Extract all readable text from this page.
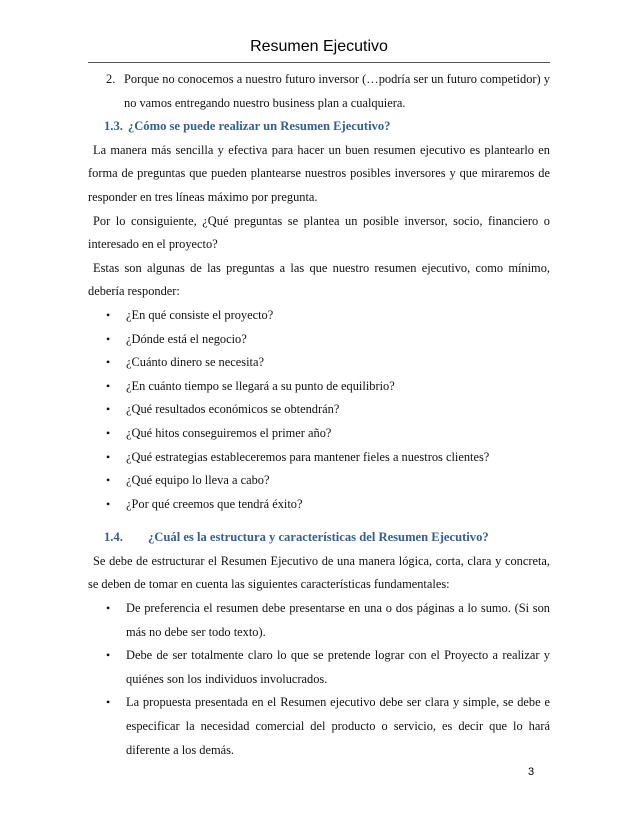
Resumen Ejecutivo
2. Porque no conocemos a nuestro futuro inversor (…podría ser un futuro competidor) y no vamos entregando nuestro business plan a cualquiera.
1.3. ¿Cómo se puede realizar un Resumen Ejecutivo?

La manera más sencilla y efectiva para hacer un buen resumen ejecutivo es plantearlo en forma de preguntas que pueden plantearse nuestros posibles inversores y que miraremos de responder en tres líneas máximo por pregunta.

Por lo consiguiente, ¿Qué preguntas se plantea un posible inversor, socio, financiero o interesado en el proyecto?

Estas son algunas de las preguntas a las que nuestro resumen ejecutivo, como mínimo, debería responder:

•	¿En qué consiste el proyecto?
•	¿Dónde está el negocio?
•	¿Cuánto dinero se necesita?
•	¿En cuánto tiempo se llegará a su punto de equilibrio?
•	¿Qué resultados económicos se obtendrán?
•	¿Qué hitos conseguiremos el primer año?
•	¿Qué estrategias estableceremos para mantener fieles a nuestros clientes?
•	¿Qué equipo lo lleva a cabo?
•	¿Por qué creemos que tendrá éxito?
1.4. ¿Cuál es la estructura y características del Resumen Ejecutivo?

Se debe de estructurar el Resumen Ejecutivo de una manera lógica, corta, clara y concreta, se deben de tomar en cuenta las siguientes características fundamentales:

•	De preferencia el resumen debe presentarse en una o dos páginas a lo sumo. (Si son más no debe ser todo texto).
•	Debe de ser totalmente claro lo que se pretende lograr con el Proyecto a realizar y quiénes son los individuos involucrados.
•	La propuesta presentada en el Resumen ejecutivo debe ser clara y simple, se debe e especificar la necesidad comercial del producto o servicio, es decir que lo hará diferente a los demás.
3
